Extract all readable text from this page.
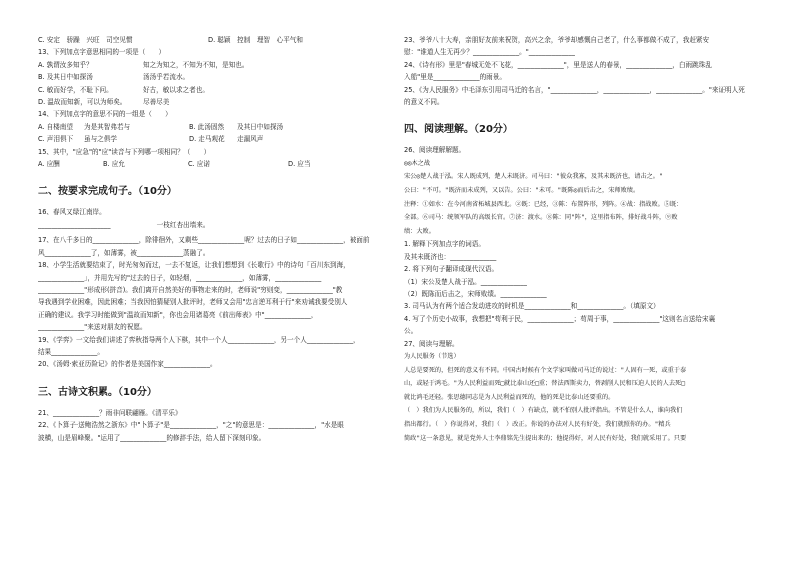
C. 安定　骄躁　兴旺　司空见惯	D. 聪颖　控制　理智　心平气和
13、下列加点字意思相同的一项是（　　）
A. 孰谓汝多知乎？	知之为知之，不知为不知，是知也。
B. 及其日中如探汤	汤汤乎若流水。
C. 敏而好学，不耻下问。	好古，敏以求之者也。
D. 温故而知新，可以为师矣。	尽善尽美
14、下列加点字的意思不同的一组是（　　）
A. 自楼南望 为是其智弗若与	B. 此汤固然 及其日中如探汤
C. 声泪俱下 虽与之俱学	D. 走马观花 走漏风声
15、其中，"应急"的"应"读音与下列哪一项相同？（　　）
A. 应酬	B. 应允	C. 应诺	D. 应当
二、按要求完成句子。（10分）
16、春风又绿江南岸。
______________________　　　　　　　一枝红杏出墙来。
17、在八千多日的______________，除徘徊外，又剩些______________呢？过去的日子如______________，被面前
风______________了，如薄雾，被______________蒸融了。
18、小学生活就要结束了，时光匆匆而过，一去不复返，让我们想想到《长歌行》中的诗句「百川东到海，
______________」，并用先写的"过去的日子，如轻烟，______________，如薄雾，______________
______________"形成形(拼音)。我们离开自然美好的事物走来的时，老师说"穷则变，______________"教
导我遇到学业困难，因此困难；当我因怕猜疑别人批评时，老师又会用"忠言逆耳利于行"来劝诫我要受别人
正确的建议。我学习时能做到"温故而知新"，你也会用诸葛亮《前出师表》中"______________，
______________"来送对朋友的祝愿。
19、《学弈》一文给我们讲述了弈秋指导两个人下棋，其中一个人______________，另一个人______________，
结果______________。
20、《汤姆·索亚历险记》的作者是美国作家______________。
三、古诗文积累。（10分）
21、______________？雨非问联翩雁。《清平乐》
22、《卜算子·送鲍浩然之浙东》中"卜算子"是______________，"之"的意思是：______________，"水是眼
波横，山是眉峰聚。"运用了______________的修辞手法，给人留下深刻印象。
23、爷爷八十大寿，亲朋好友前来祝贺，高兴之余，爷爷却感慨自己老了，什么事都做不成了，我赶紧安
慰："谁道人生无再少？______________。"______________
24、《诗有形》里是"春城无处不飞花，______________"，里是送人的春景，______________，白雨跳珠乱
入船"里是______________的雨景。
25、《为人民服务》中毛泽东引用司马迁的名言，"______________，______________，______________。"来证明人死
的意义不同。
四、阅读理解。（20分）
26、阅读理解解题。
◎◎木之战
宋公◎楚人战于泓。宋人既成列，楚人未既济。司马曰："彼众我寡，及其未既济也，请击之。"
公曰："不可。"既济而未成列，又以告。公曰："未可。"既陈◎而后击之，宋师败绩。
注释：①如水：在今河南省柘城县西北。②既：已经，③陈：布置阵形，列阵。④战：指战败。⑤既：
全部。⑥司马：统领军队的高级长官。⑦济：渡水。⑧陈：同"阵"，这里指布阵，排好战斗阵，⑨败
绩：大败。
1. 解释下列加点字的词语。
及其未既济也：______________
2. 将下列句子翻译成现代汉语。
（1）宋公及楚人战于泓。______________
（2）既陈而后击之，宋师败绩。______________
3. 司马认为有两个适合发动进攻的时机是______________和______________。（填原文）
4. 写了个历史小故事，我想把"苟利于民，______________；苟周于事，______________"这则名言送给宋襄
公。
27、阅读与理解。
为人民服务（节选）
人总是要死的，但死的意义有不同。中国古时候有个文学家叫做司马迁的说过："人固有一死，或重于泰
山，或轻于鸿毛。"为人民利益而死□就比泰山还□重；替法西斯卖力，替剥削人民和压迫人民的人去死□
就比鸿毛还轻。张思德同志是为人民利益而死的，他的死是比泰山还要重的。
（　）我们为人民服务的，所以，我们（　）有缺点，就不怕别人批评指出。不管是什么人，谁向我们
指出都行。（　）你说得对，我们（　）改正。你说的办法对人民有好处，我们就照你的办。"精兵
简政"这一条意见，就是党外人士李鼎铭先生提出来的；他提得好，对人民有好处，我们就采用了。只要
